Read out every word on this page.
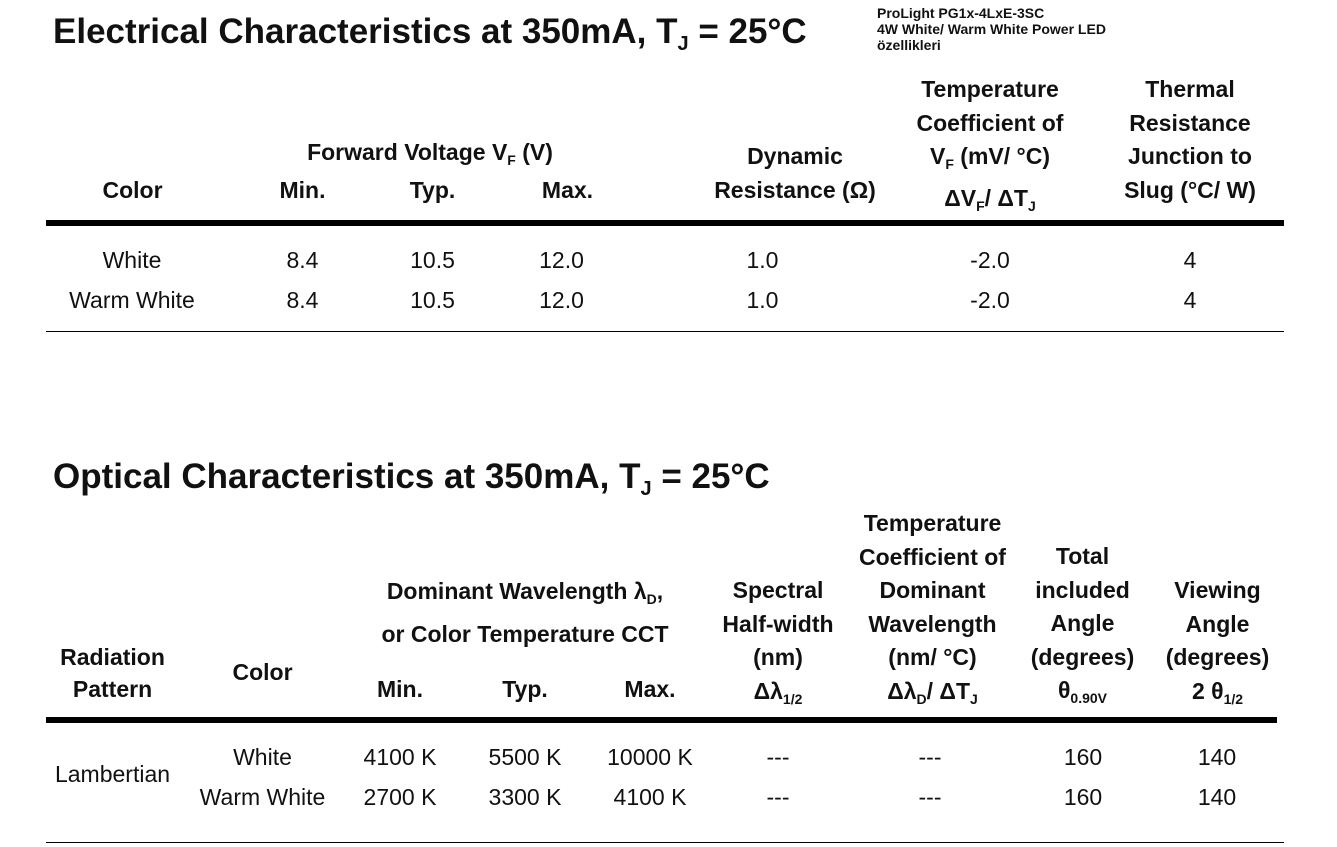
ProLight PG1x-4LxE-3SC
4W White/ Warm White Power LED
özellikleri
Electrical Characteristics at 350mA, $T_J = 25^\circ C$
Color
Forward Voltage $V_F$ (V)
Min.	Typ.	Max.
Dynamic
Resistance (Ω)
Temperature
Coefficient of
$V_F$ (mV/ °C)
$\Delta V_F/$ $\Delta T_J$
Thermal
Resistance
Junction to
Slug (°C/ W)
White	8.4	10.5	12.0	1.0	-2.0	4
Warm White	8.4	10.5	12.0	1.0	-2.0	4
Optical Characteristics at 350mA, $T_J = 25^\circ C$
Radiation
Pattern
Color
Dominant Wavelength $\lambda_D$,
or Color Temperature CCT
Min.	Typ.	Max.
Spectral
Half-width
(nm)
$\Delta\lambda_{1/2}$
Temperature
Coefficient of
Dominant
Wavelength
(nm/ °C)
$\Delta\lambda_D/$ $\Delta T_J$
Total
included
Angle
(degrees)
$\theta_{0.90V}$
Viewing
Angle
(degrees)
2 $\theta_{1/2}$
Lambertian
White	4100 K	5500 K	10000 K	---	---	160	140
Warm White	2700 K	3300 K	4100 K	---	---	160	140
